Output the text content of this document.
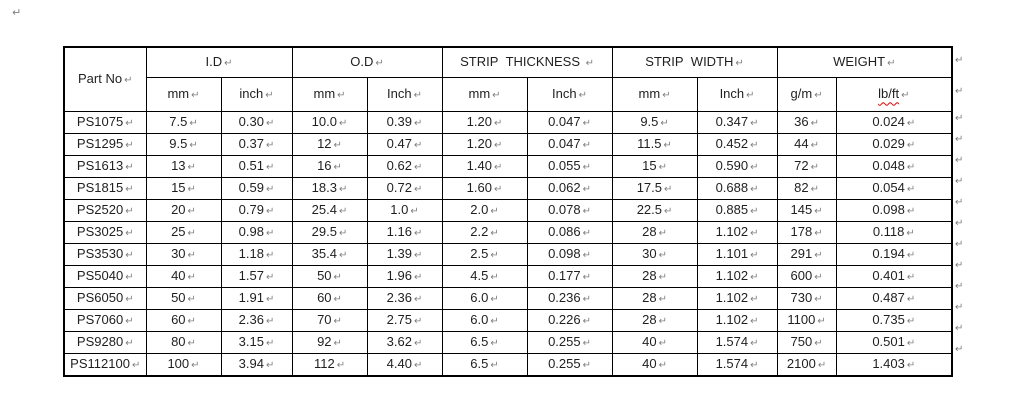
↵
Part No ↵	I.D ↵		O.D ↵		STRIP  THICKNESS ↵		STRIP  WIDTH ↵		WEIGHT ↵	
	mm ↵	inch ↵	mm ↵	Inch ↵	mm ↵	Inch ↵	mm ↵	Inch ↵	g/m ↵	lb/ft ↵
PS1075 ↵	7.5 ↵	0.30 ↵	10.0 ↵	0.39 ↵	1.20 ↵	0.047 ↵	9.5 ↵	0.347 ↵	36 ↵	0.024 ↵
PS1295 ↵	9.5 ↵	0.37 ↵	12 ↵	0.47 ↵	1.20 ↵	0.047 ↵	11.5 ↵	0.452 ↵	44 ↵	0.029 ↵
PS1613 ↵	13 ↵	0.51 ↵	16 ↵	0.62 ↵	1.40 ↵	0.055 ↵	15 ↵	0.590 ↵	72 ↵	0.048 ↵
PS1815 ↵	15 ↵	0.59 ↵	18.3 ↵	0.72 ↵	1.60 ↵	0.062 ↵	17.5 ↵	0.688 ↵	82 ↵	0.054 ↵
PS2520 ↵	20 ↵	0.79 ↵	25.4 ↵	1.0 ↵	2.0 ↵	0.078 ↵	22.5 ↵	0.885 ↵	145 ↵	0.098 ↵
PS3025 ↵	25 ↵	0.98 ↵	29.5 ↵	1.16 ↵	2.2 ↵	0.086 ↵	28 ↵	1.102 ↵	178 ↵	0.118 ↵
PS3530 ↵	30 ↵	1.18 ↵	35.4 ↵	1.39 ↵	2.5 ↵	0.098 ↵	30 ↵	1.101 ↵	291 ↵	0.194 ↵
PS5040 ↵	40 ↵	1.57 ↵	50 ↵	1.96 ↵	4.5 ↵	0.177 ↵	28 ↵	1.102 ↵	600 ↵	0.401 ↵
PS6050 ↵	50 ↵	1.91 ↵	60 ↵	2.36 ↵	6.0 ↵	0.236 ↵	28 ↵	1.102 ↵	730 ↵	0.487 ↵
PS7060 ↵	60 ↵	2.36 ↵	70 ↵	2.75 ↵	6.0 ↵	0.226 ↵	28 ↵	1.102 ↵	1100 ↵	0.735 ↵
PS9280 ↵	80 ↵	3.15 ↵	92 ↵	3.62 ↵	6.5 ↵	0.255 ↵	40 ↵	1.574 ↵	750 ↵	0.501 ↵
PS112100 ↵	100 ↵	3.94 ↵	112 ↵	4.40 ↵	6.5 ↵	0.255 ↵	40 ↵	1.574 ↵	2100 ↵	1.403 ↵
↵
↵
↵
↵
↵
↵
↵
↵
↵
↵
↵
↵
↵
↵
